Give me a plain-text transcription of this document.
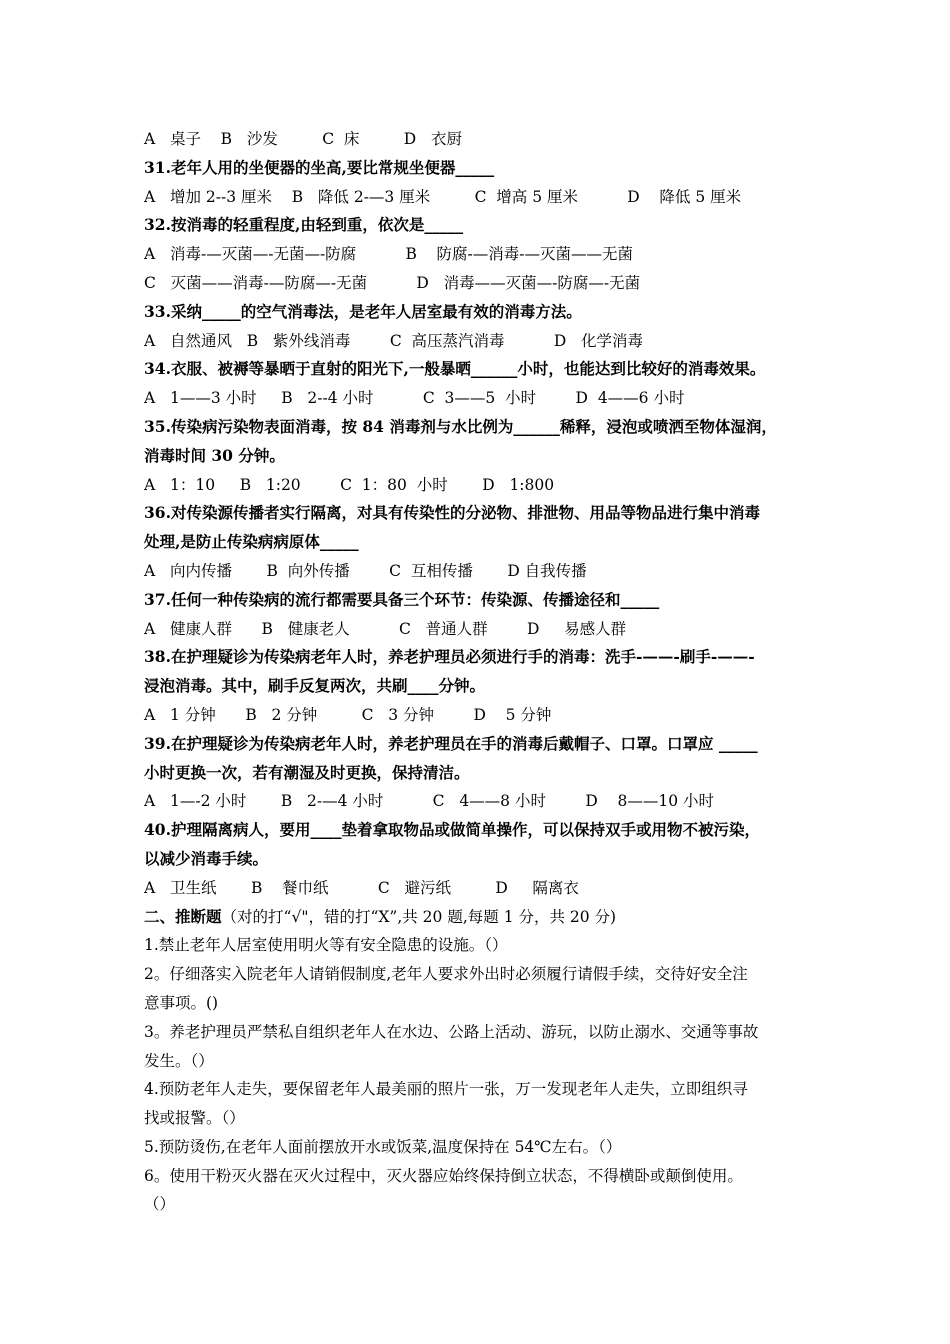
A   桌子    B   沙发         C  床         D   衣厨
31.老年人用的坐便器的坐高,要比常规坐便器_____
A   增加 2--3 厘米    B   降低 2-—3 厘米         C  增高 5 厘米          D    降低 5 厘米
32.按消毒的轻重程度,由轻到重，依次是_____
A   消毒-—灭菌—-无菌—-防腐          B    防腐-—消毒-—灭菌——无菌
C   灭菌——消毒-—防腐—-无菌          D   消毒——灭菌—-防腐—-无菌
33.采纳_____的空气消毒法，是老年人居室最有效的消毒方法。
A   自然通风   B   紫外线消毒        C  高压蒸汽消毒          D   化学消毒
34.衣服、被褥等暴晒于直射的阳光下,一般暴晒______小时，也能达到比较好的消毒效果。
A   1——3 小时     B   2--4 小时          C  3——5  小时        D  4——6 小时
35.传染病污染物表面消毒，按 84 消毒剂与水比例为______稀释，浸泡或喷洒至物体湿润，
消毒时间 30 分钟。
A   1：10     B   1:20        C  1：80  小时       D   1:800
36.对传染源传播者实行隔离，对具有传染性的分泌物、排泄物、用品等物品进行集中消毒
处理,是防止传染病病原体_____
A   向内传播       B  向外传播        C  互相传播       D 自我传播
37.任何一种传染病的流行都需要具备三个环节：传染源、传播途径和_____
A   健康人群      B   健康老人          C   普通人群        D     易感人群
38.在护理疑诊为传染病老年人时，养老护理员必须进行手的消毒：洗手-——-刷手-——-
浸泡消毒。其中，刷手反复两次，共刷____分钟。
A   1 分钟      B   2 分钟         C   3 分钟        D    5 分钟
39.在护理疑诊为传染病老年人时，养老护理员在手的消毒后戴帽子、口罩。口罩应 _____
小时更换一次，若有潮湿及时更换，保持清洁。
A   1—-2 小时       B   2-—4 小时          C   4——8 小时        D    8——10 小时
40.护理隔离病人，要用____垫着拿取物品或做简单操作，可以保持双手或用物不被污染，
以减少消毒手续。
A   卫生纸       B    餐巾纸          C   避污纸         D     隔离衣
二、推断题（对的打“√"，错的打“X”,共 20 题,每题 1 分，共 20 分)
1.禁止老年人居室使用明火等有安全隐患的设施。（）
2。仔细落实入院老年人请销假制度,老年人要求外出时必须履行请假手续，交待好安全注
意事项。()
3。养老护理员严禁私自组织老年人在水边、公路上活动、游玩，以防止溺水、交通等事故
发生。（）
4.预防老年人走失，要保留老年人最美丽的照片一张，万一发现老年人走失，立即组织寻
找或报警。（）
5.预防烫伤,在老年人面前摆放开水或饭菜,温度保持在 54℃左右。（）
6。使用干粉灭火器在灭火过程中，灭火器应始终保持倒立状态，不得横卧或颠倒使用。
（）
